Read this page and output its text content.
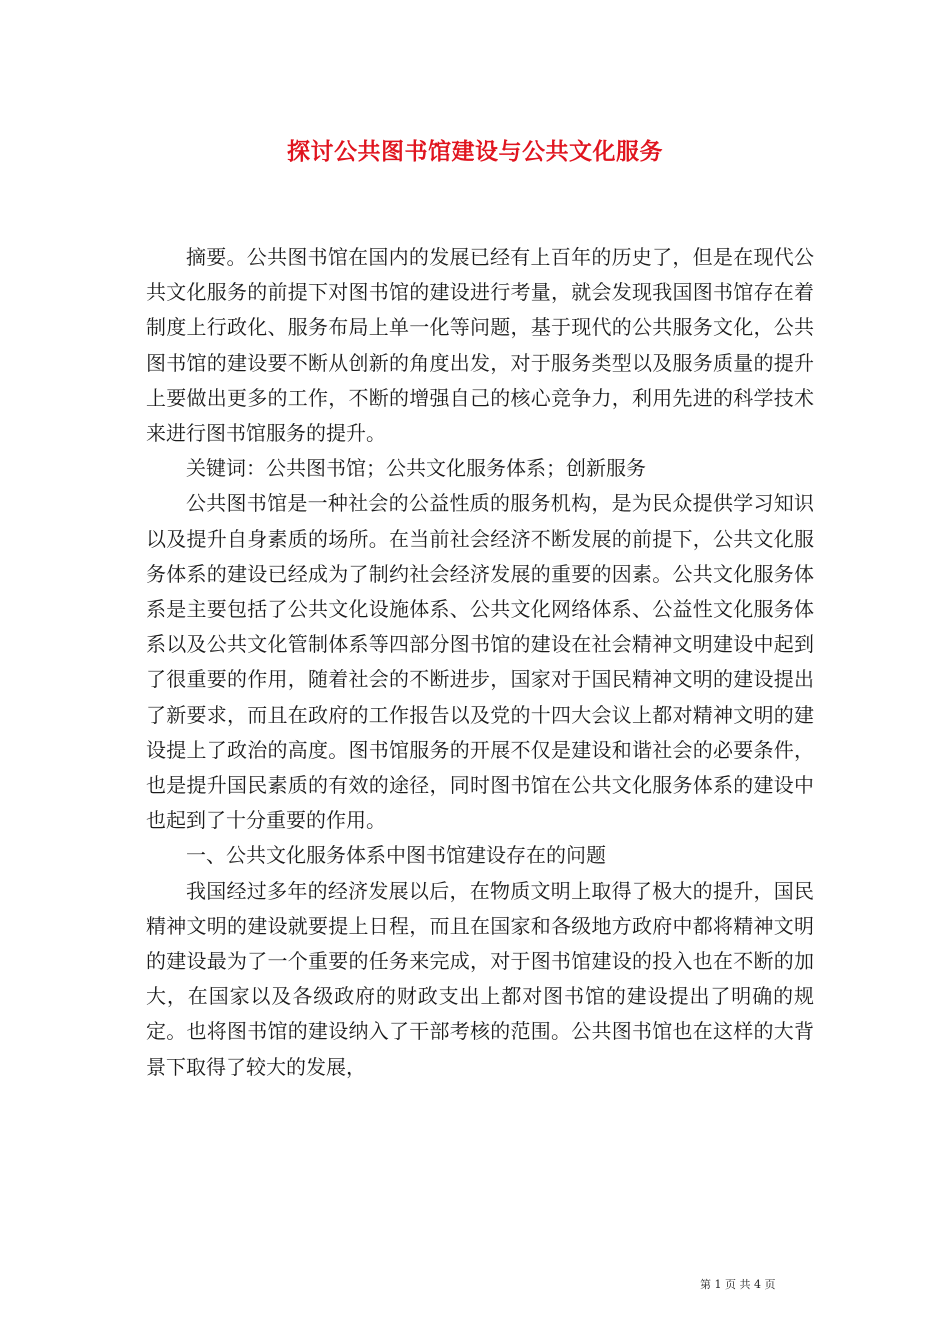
探讨公共图书馆建设与公共文化服务

摘要。公共图书馆在国内的发展已经有上百年的历史了，但是在现代公共文化服务的前提下对图书馆的建设进行考量，就会发现我国图书馆存在着制度上行政化、服务布局上单一化等问题，基于现代的公共服务文化，公共图书馆的建设要不断从创新的角度出发，对于服务类型以及服务质量的提升上要做出更多的工作，不断的增强自己的核心竞争力，利用先进的科学技术来进行图书馆服务的提升。

关键词：公共图书馆；公共文化服务体系；创新服务

公共图书馆是一种社会的公益性质的服务机构，是为民众提供学习知识以及提升自身素质的场所。在当前社会经济不断发展的前提下，公共文化服务体系的建设已经成为了制约社会经济发展的重要的因素。公共文化服务体系是主要包括了公共文化设施体系、公共文化网络体系、公益性文化服务体系以及公共文化管制体系等四部分图书馆的建设在社会精神文明建设中起到了很重要的作用，随着社会的不断进步，国家对于国民精神文明的建设提出了新要求，而且在政府的工作报告以及党的十四大会议上都对精神文明的建设提上了政治的高度。图书馆服务的开展不仅是建设和谐社会的必要条件，也是提升国民素质的有效的途径，同时图书馆在公共文化服务体系的建设中也起到了十分重要的作用。

一、公共文化服务体系中图书馆建设存在的问题

我国经过多年的经济发展以后，在物质文明上取得了极大的提升，国民精神文明的建设就要提上日程，而且在国家和各级地方政府中都将精神文明的建设最为了一个重要的任务来完成，对于图书馆建设的投入也在不断的加大，在国家以及各级政府的财政支出上都对图书馆的建设提出了明确的规定。也将图书馆的建设纳入了干部考核的范围。公共图书馆也在这样的大背景下取得了较大的发展，

第 1 页 共 4 页
